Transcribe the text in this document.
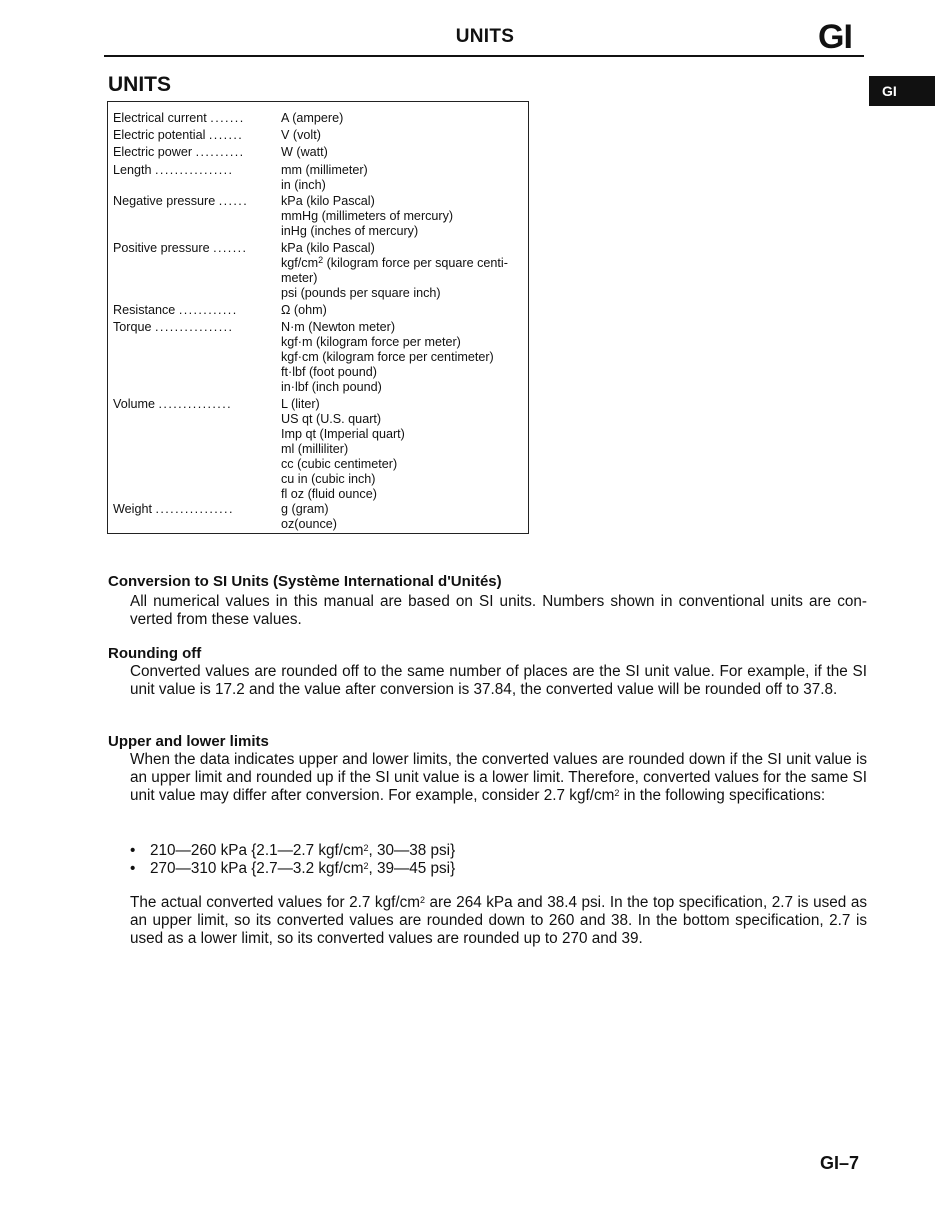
UNITS	GI
GI
UNITS
Electrical current .......	A (ampere)
Electric potential .......	V (volt)
Electric power ..........	W (watt)
Length ................	mm (millimeter)
in (inch)
Negative pressure ......	kPa (kilo Pascal)
mmHg (millimeters of mercury)
inHg (inches of mercury)
Positive pressure .......	kPa (kilo Pascal)
kgf/$cm^2$ (kilogram force per square centi-
meter)
psi (pounds per square inch)
Resistance ............	Ω (ohm)
Torque ................	N·m (Newton meter)
kgf·m (kilogram force per meter)
kgf·cm (kilogram force per centimeter)
ft·lbf (foot pound)
in·lbf (inch pound)
Volume ...............	L (liter)
US qt (U.S. quart)
Imp qt (Imperial quart)
ml (milliliter)
cc (cubic centimeter)
cu in (cubic inch)
fl oz (fluid ounce)
Weight ................	g (gram)
oz(ounce)
Conversion to SI Units (Système International d'Unités)
All numerical values in this manual are based on SI units. Numbers shown in conventional units are con-verted from these values.
Rounding off
Converted values are rounded off to the same number of places are the SI unit value. For example, if the SI unit value is 17.2 and the value after conversion is 37.84, the converted value will be rounded off to 37.8.
Upper and lower limits
When the data indicates upper and lower limits, the converted values are rounded down if the SI unit value is an upper limit and rounded up if the SI unit value is a lower limit. Therefore, converted values for the same SI unit value may differ after conversion. For example, consider 2.7 kgf/$cm^2$ in the following specifications:
• 210—260 kPa {2.1—2.7 kgf/$cm^2$, 30—38 psi}
• 270—310 kPa {2.7—3.2 kgf/$cm^2$, 39—45 psi}
The actual converted values for 2.7 kgf/$cm^2$ are 264 kPa and 38.4 psi. In the top specification, 2.7 is used as an upper limit, so its converted values are rounded down to 260 and 38. In the bottom specification, 2.7 is used as a lower limit, so its converted values are rounded up to 270 and 39.
GI–7
